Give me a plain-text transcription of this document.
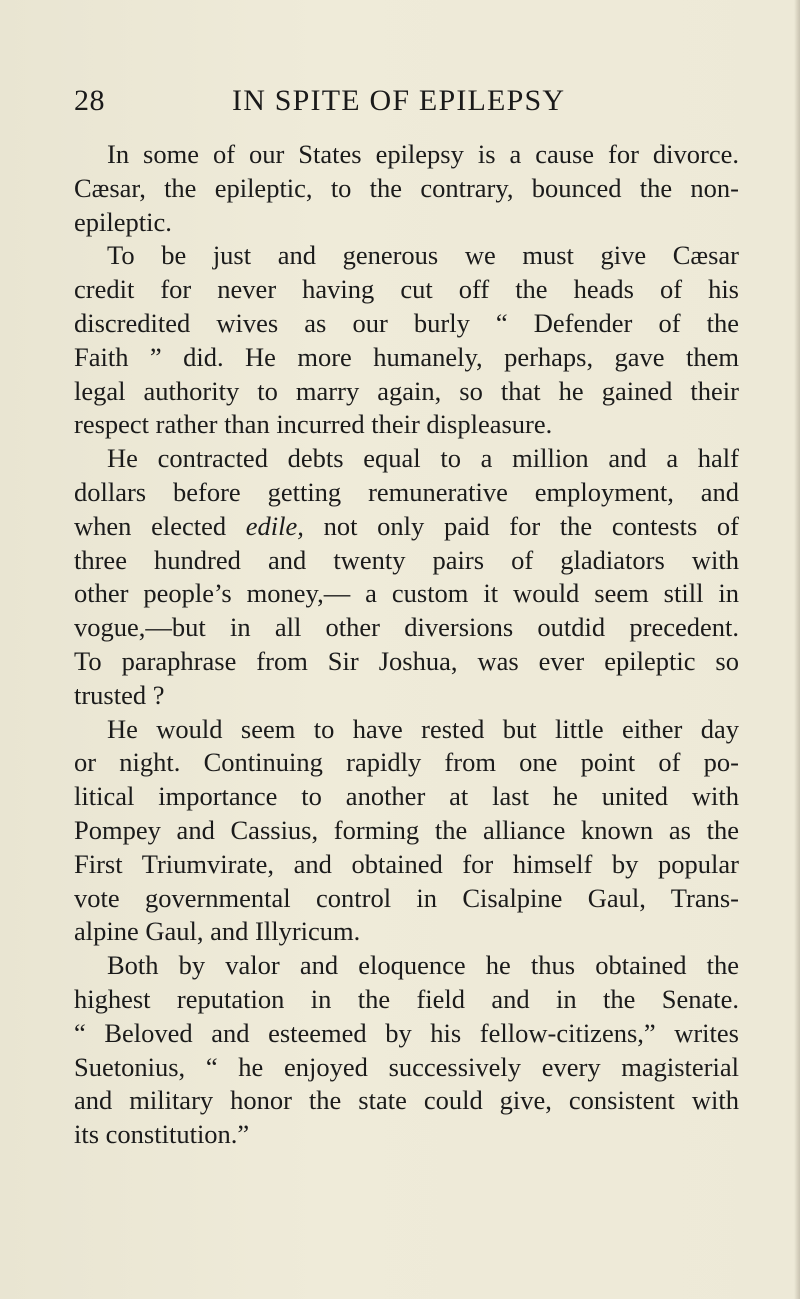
28	IN SPITE OF EPILEPSY

In some of our States epilepsy is a cause for divorce.
Cæsar, the epileptic, to the contrary, bounced the non-
epileptic.

To be just and generous we must give Cæsar
credit for never having cut off the heads of his
discredited wives as our burly “ Defender of the
Faith ” did. He more humanely, perhaps, gave them
legal authority to marry again, so that he gained their
respect rather than incurred their displeasure.

He contracted debts equal to a million and a half
dollars before getting remunerative employment, and
when elected edile, not only paid for the contests of
three hundred and twenty pairs of gladiators with
other people’s money,— a custom it would seem still in
vogue,—but in all other diversions outdid precedent.
To paraphrase from Sir Joshua, was ever epileptic so
trusted ?

He would seem to have rested but little either day
or night. Continuing rapidly from one point of po-
litical importance to another at last he united with
Pompey and Cassius, forming the alliance known as the
First Triumvirate, and obtained for himself by popular
vote governmental control in Cisalpine Gaul, Trans-
alpine Gaul, and Illyricum.

Both by valor and eloquence he thus obtained the
highest reputation in the field and in the Senate.
“ Beloved and esteemed by his fellow-citizens,” writes
Suetonius, “ he enjoyed successively every magisterial
and military honor the state could give, consistent with
its constitution.”
